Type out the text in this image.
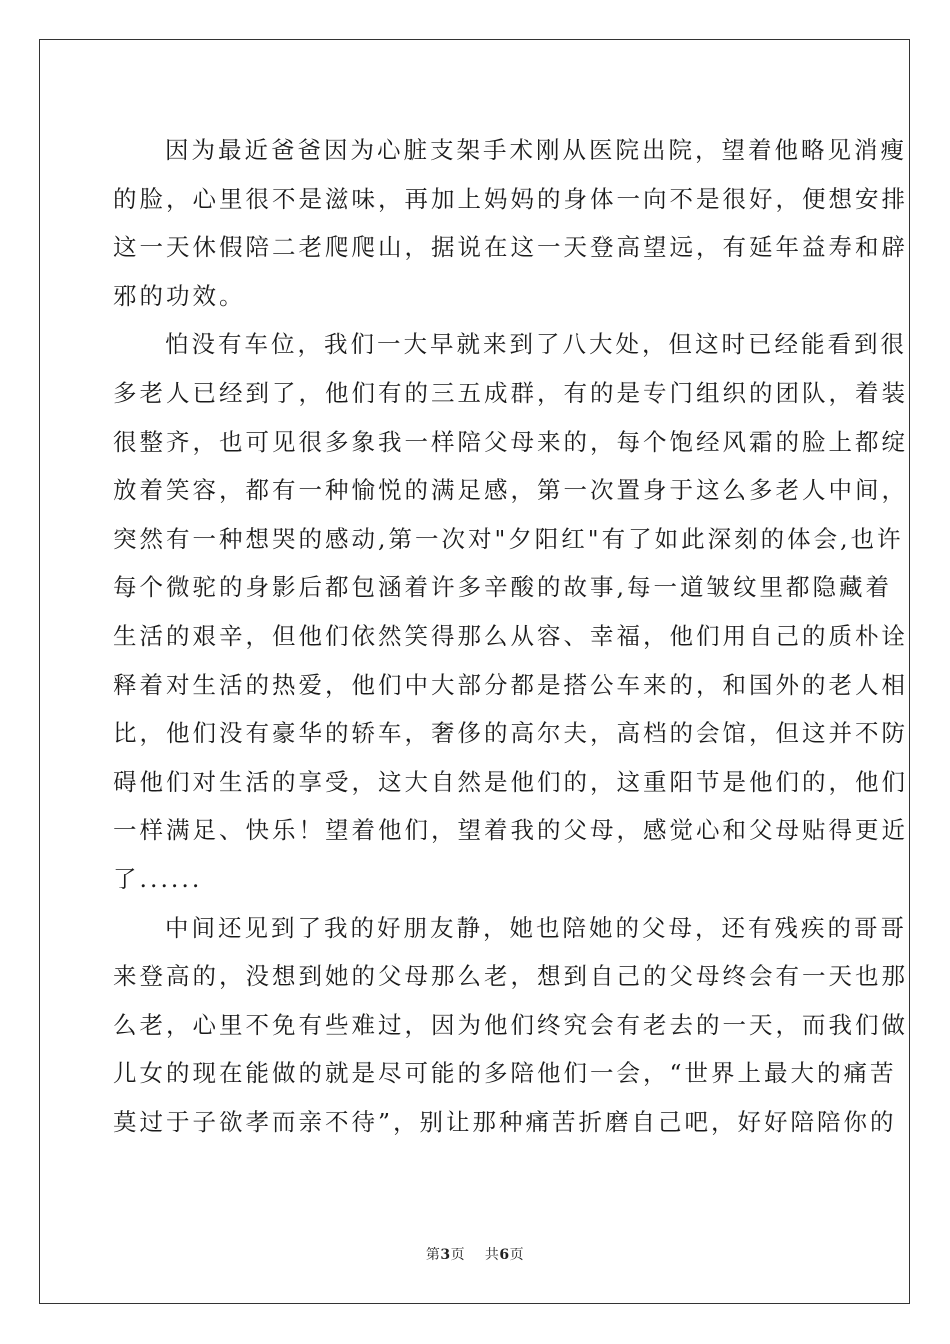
因为最近爸爸因为心脏支架手术刚从医院出院，望着他略见消瘦
的脸，心里很不是滋味，再加上妈妈的身体一向不是很好，便想安排
这一天休假陪二老爬爬山，据说在这一天登高望远，有延年益寿和辟
邪的功效。
怕没有车位，我们一大早就来到了八大处，但这时已经能看到很
多老人已经到了，他们有的三五成群，有的是专门组织的团队，着装
很整齐，也可见很多象我一样陪父母来的，每个饱经风霜的脸上都绽
放着笑容，都有一种愉悦的满足感，第一次置身于这么多老人中间，
突然有一种想哭的感动,第一次对"夕阳红"有了如此深刻的体会,也许
每个微驼的身影后都包涵着许多辛酸的故事,每一道皱纹里都隐藏着
生活的艰辛，但他们依然笑得那么从容、幸福，他们用自己的质朴诠
释着对生活的热爱，他们中大部分都是搭公车来的，和国外的老人相
比，他们没有豪华的轿车，奢侈的高尔夫，高档的会馆，但这并不防
碍他们对生活的享受，这大自然是他们的，这重阳节是他们的，他们
一样满足、快乐！望着他们，望着我的父母，感觉心和父母贴得更近
了......
中间还见到了我的好朋友静，她也陪她的父母，还有残疾的哥哥
来登高的，没想到她的父母那么老，想到自己的父母终会有一天也那
么老，心里不免有些难过，因为他们终究会有老去的一天，而我们做
儿女的现在能做的就是尽可能的多陪他们一会，“世界上最大的痛苦
莫过于子欲孝而亲不待”，别让那种痛苦折磨自己吧，好好陪陪你的
第3页 共6页
